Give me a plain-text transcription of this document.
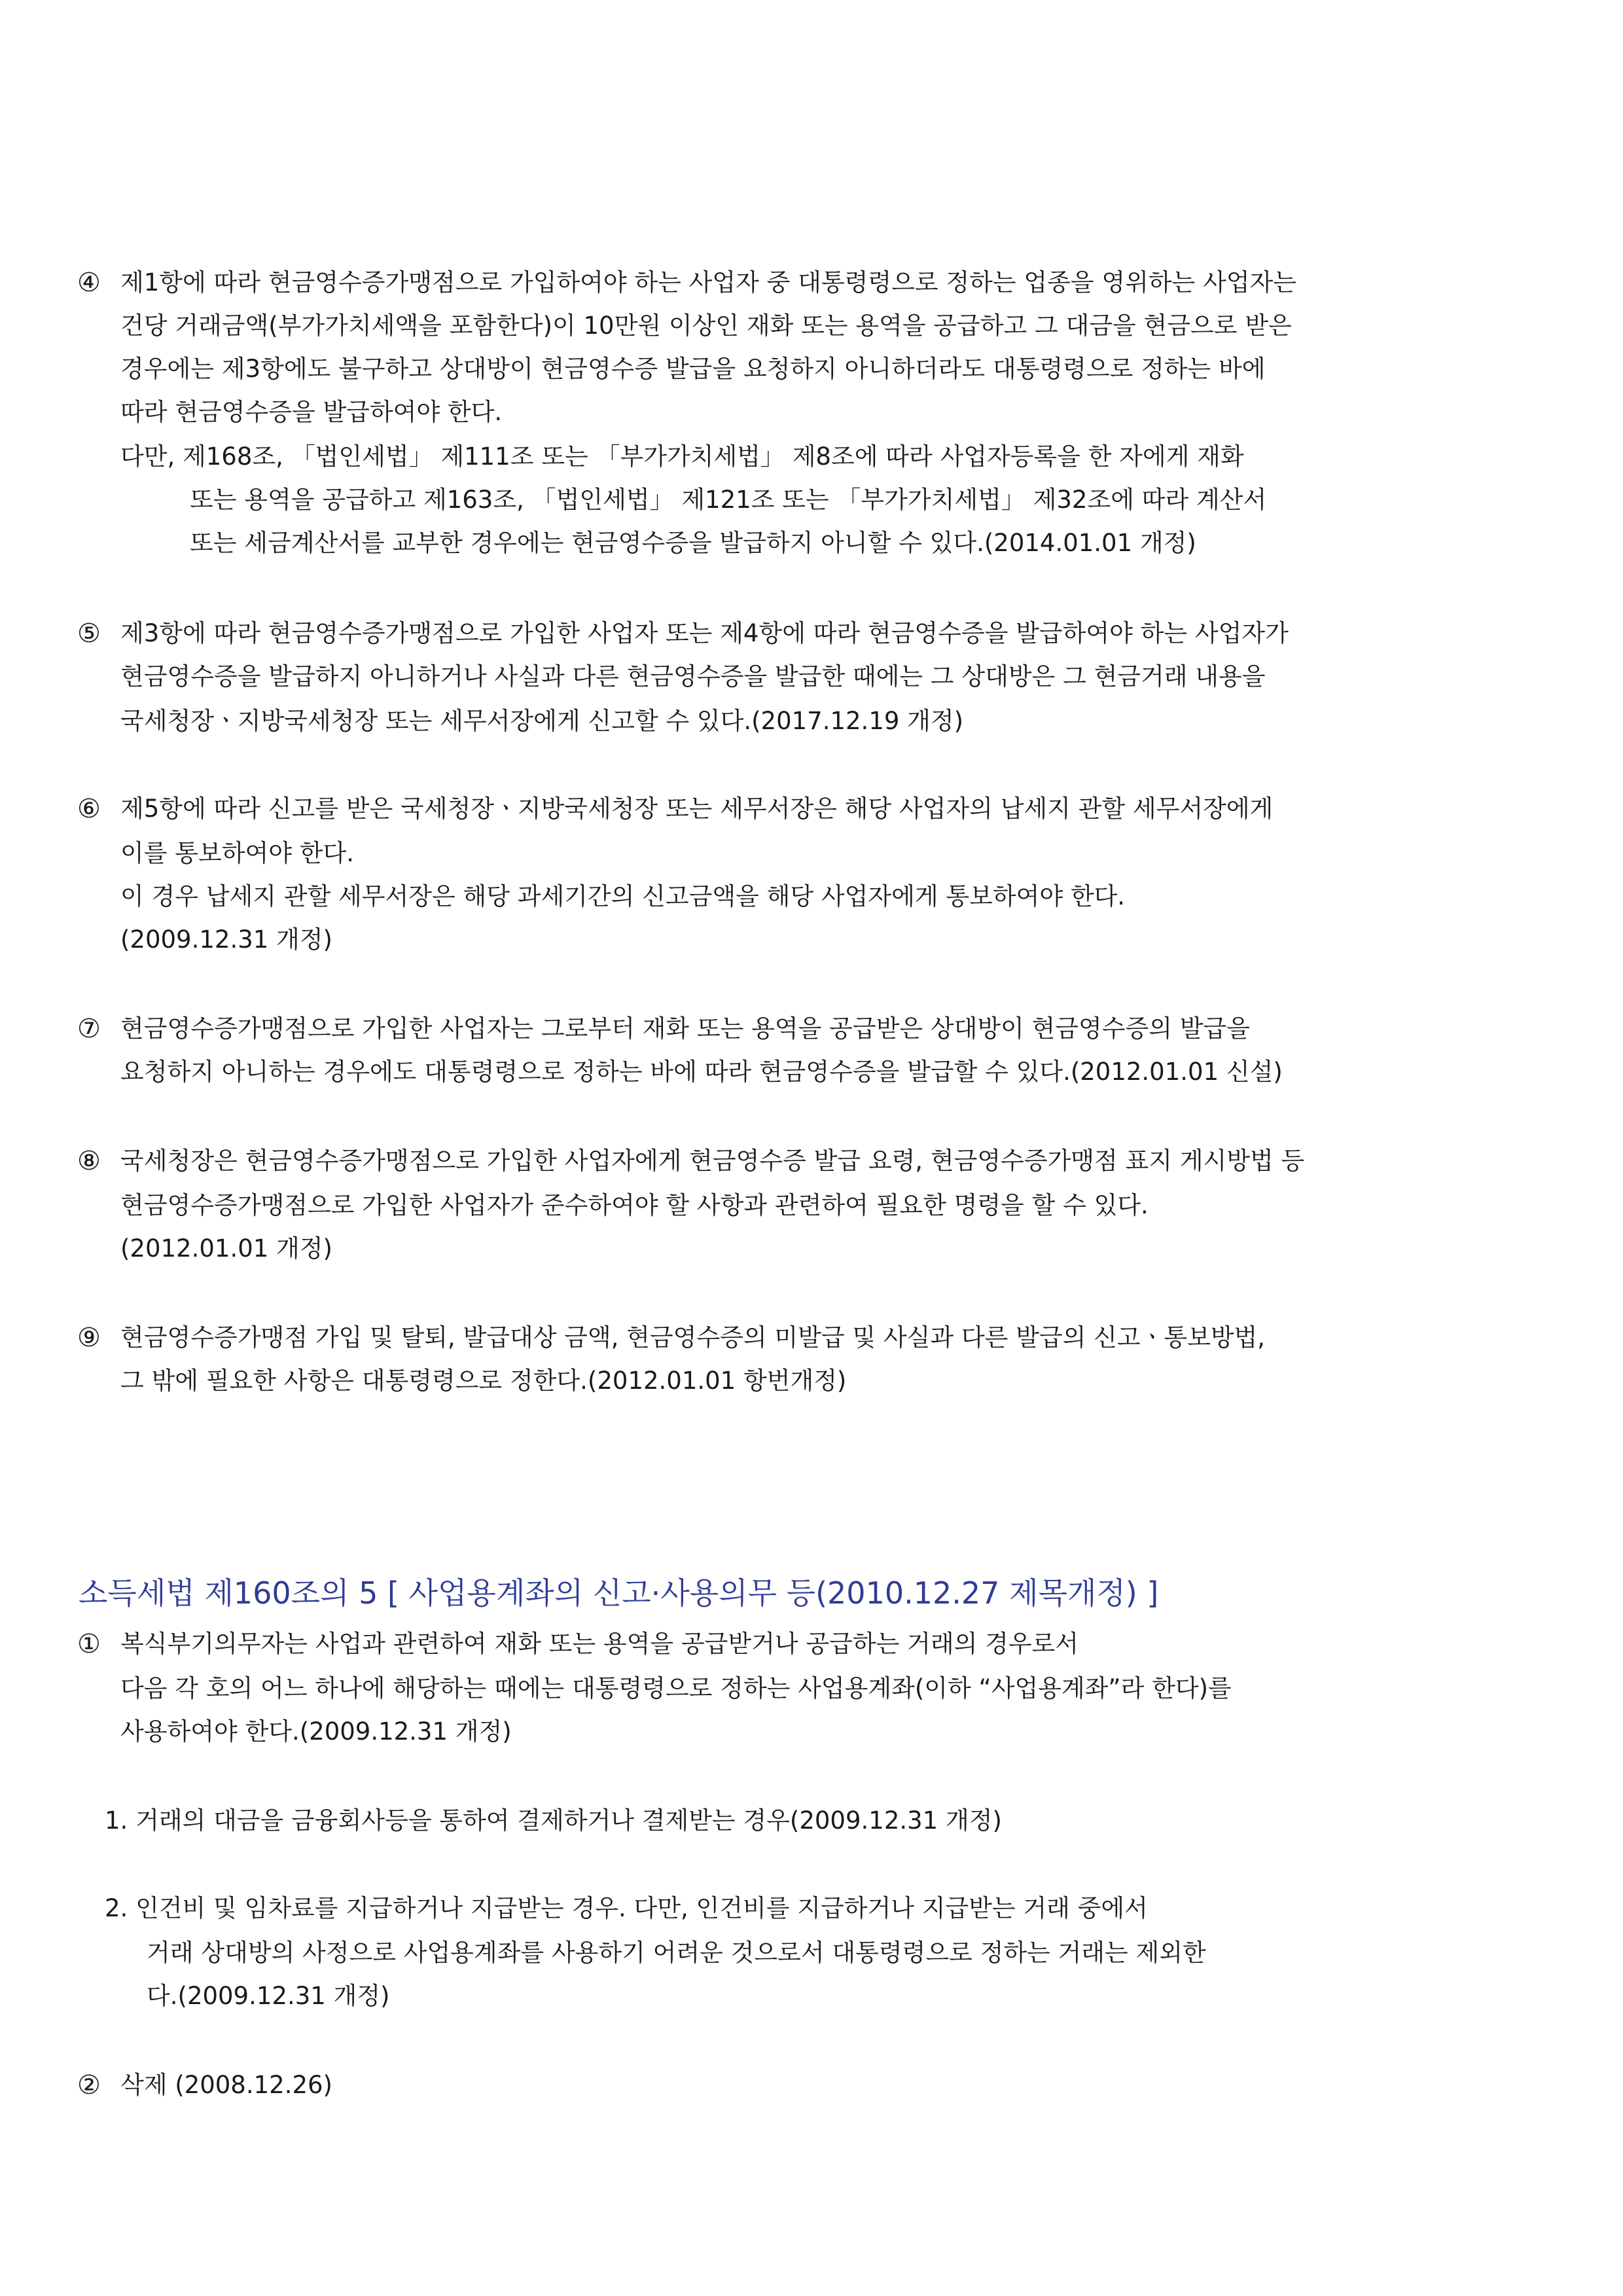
④ 제1항에 따라 현금영수증가맹점으로 가입하여야 하는 사업자 중 대통령령으로 정하는 업종을 영위하는 사업자는
건당 거래금액(부가가치세액을 포함한다)이 10만원 이상인 재화 또는 용역을 공급하고 그 대금을 현금으로 받은
경우에는 제3항에도 불구하고 상대방이 현금영수증 발급을 요청하지 아니하더라도 대통령령으로 정하는 바에
따라 현금영수증을 발급하여야 한다.
다만, 제168조, 「법인세법」 제111조 또는 「부가가치세법」 제8조에 따라 사업자등록을 한 자에게 재화
또는 용역을 공급하고 제163조, 「법인세법」 제121조 또는 「부가가치세법」 제32조에 따라 계산서
또는 세금계산서를 교부한 경우에는 현금영수증을 발급하지 아니할 수 있다.(2014.01.01 개정)
⑤ 제3항에 따라 현금영수증가맹점으로 가입한 사업자 또는 제4항에 따라 현금영수증을 발급하여야 하는 사업자가
현금영수증을 발급하지 아니하거나 사실과 다른 현금영수증을 발급한 때에는 그 상대방은 그 현금거래 내용을
국세청장ㆍ지방국세청장 또는 세무서장에게 신고할 수 있다.(2017.12.19 개정)
⑥ 제5항에 따라 신고를 받은 국세청장ㆍ지방국세청장 또는 세무서장은 해당 사업자의 납세지 관할 세무서장에게
이를 통보하여야 한다.
이 경우 납세지 관할 세무서장은 해당 과세기간의 신고금액을 해당 사업자에게 통보하여야 한다.
(2009.12.31 개정)
⑦ 현금영수증가맹점으로 가입한 사업자는 그로부터 재화 또는 용역을 공급받은 상대방이 현금영수증의 발급을
요청하지 아니하는 경우에도 대통령령으로 정하는 바에 따라 현금영수증을 발급할 수 있다.(2012.01.01 신설)
⑧ 국세청장은 현금영수증가맹점으로 가입한 사업자에게 현금영수증 발급 요령, 현금영수증가맹점 표지 게시방법 등
현금영수증가맹점으로 가입한 사업자가 준수하여야 할 사항과 관련하여 필요한 명령을 할 수 있다.
(2012.01.01 개정)
⑨ 현금영수증가맹점 가입 및 탈퇴, 발급대상 금액, 현금영수증의 미발급 및 사실과 다른 발급의 신고ㆍ통보방법,
그 밖에 필요한 사항은 대통령령으로 정한다.(2012.01.01 항번개정)
소득세법 제160조의 5 [ 사업용계좌의 신고·사용의무 등(2010.12.27 제목개정) ]
① 복식부기의무자는 사업과 관련하여 재화 또는 용역을 공급받거나 공급하는 거래의 경우로서
다음 각 호의 어느 하나에 해당하는 때에는 대통령령으로 정하는 사업용계좌(이하 “사업용계좌”라 한다)를
사용하여야 한다.(2009.12.31 개정)
1. 거래의 대금을 금융회사등을 통하여 결제하거나 결제받는 경우(2009.12.31 개정)
2. 인건비 및 임차료를 지급하거나 지급받는 경우. 다만, 인건비를 지급하거나 지급받는 거래 중에서
거래 상대방의 사정으로 사업용계좌를 사용하기 어려운 것으로서 대통령령으로 정하는 거래는 제외한
다.(2009.12.31 개정)
② 삭제 (2008.12.26)
